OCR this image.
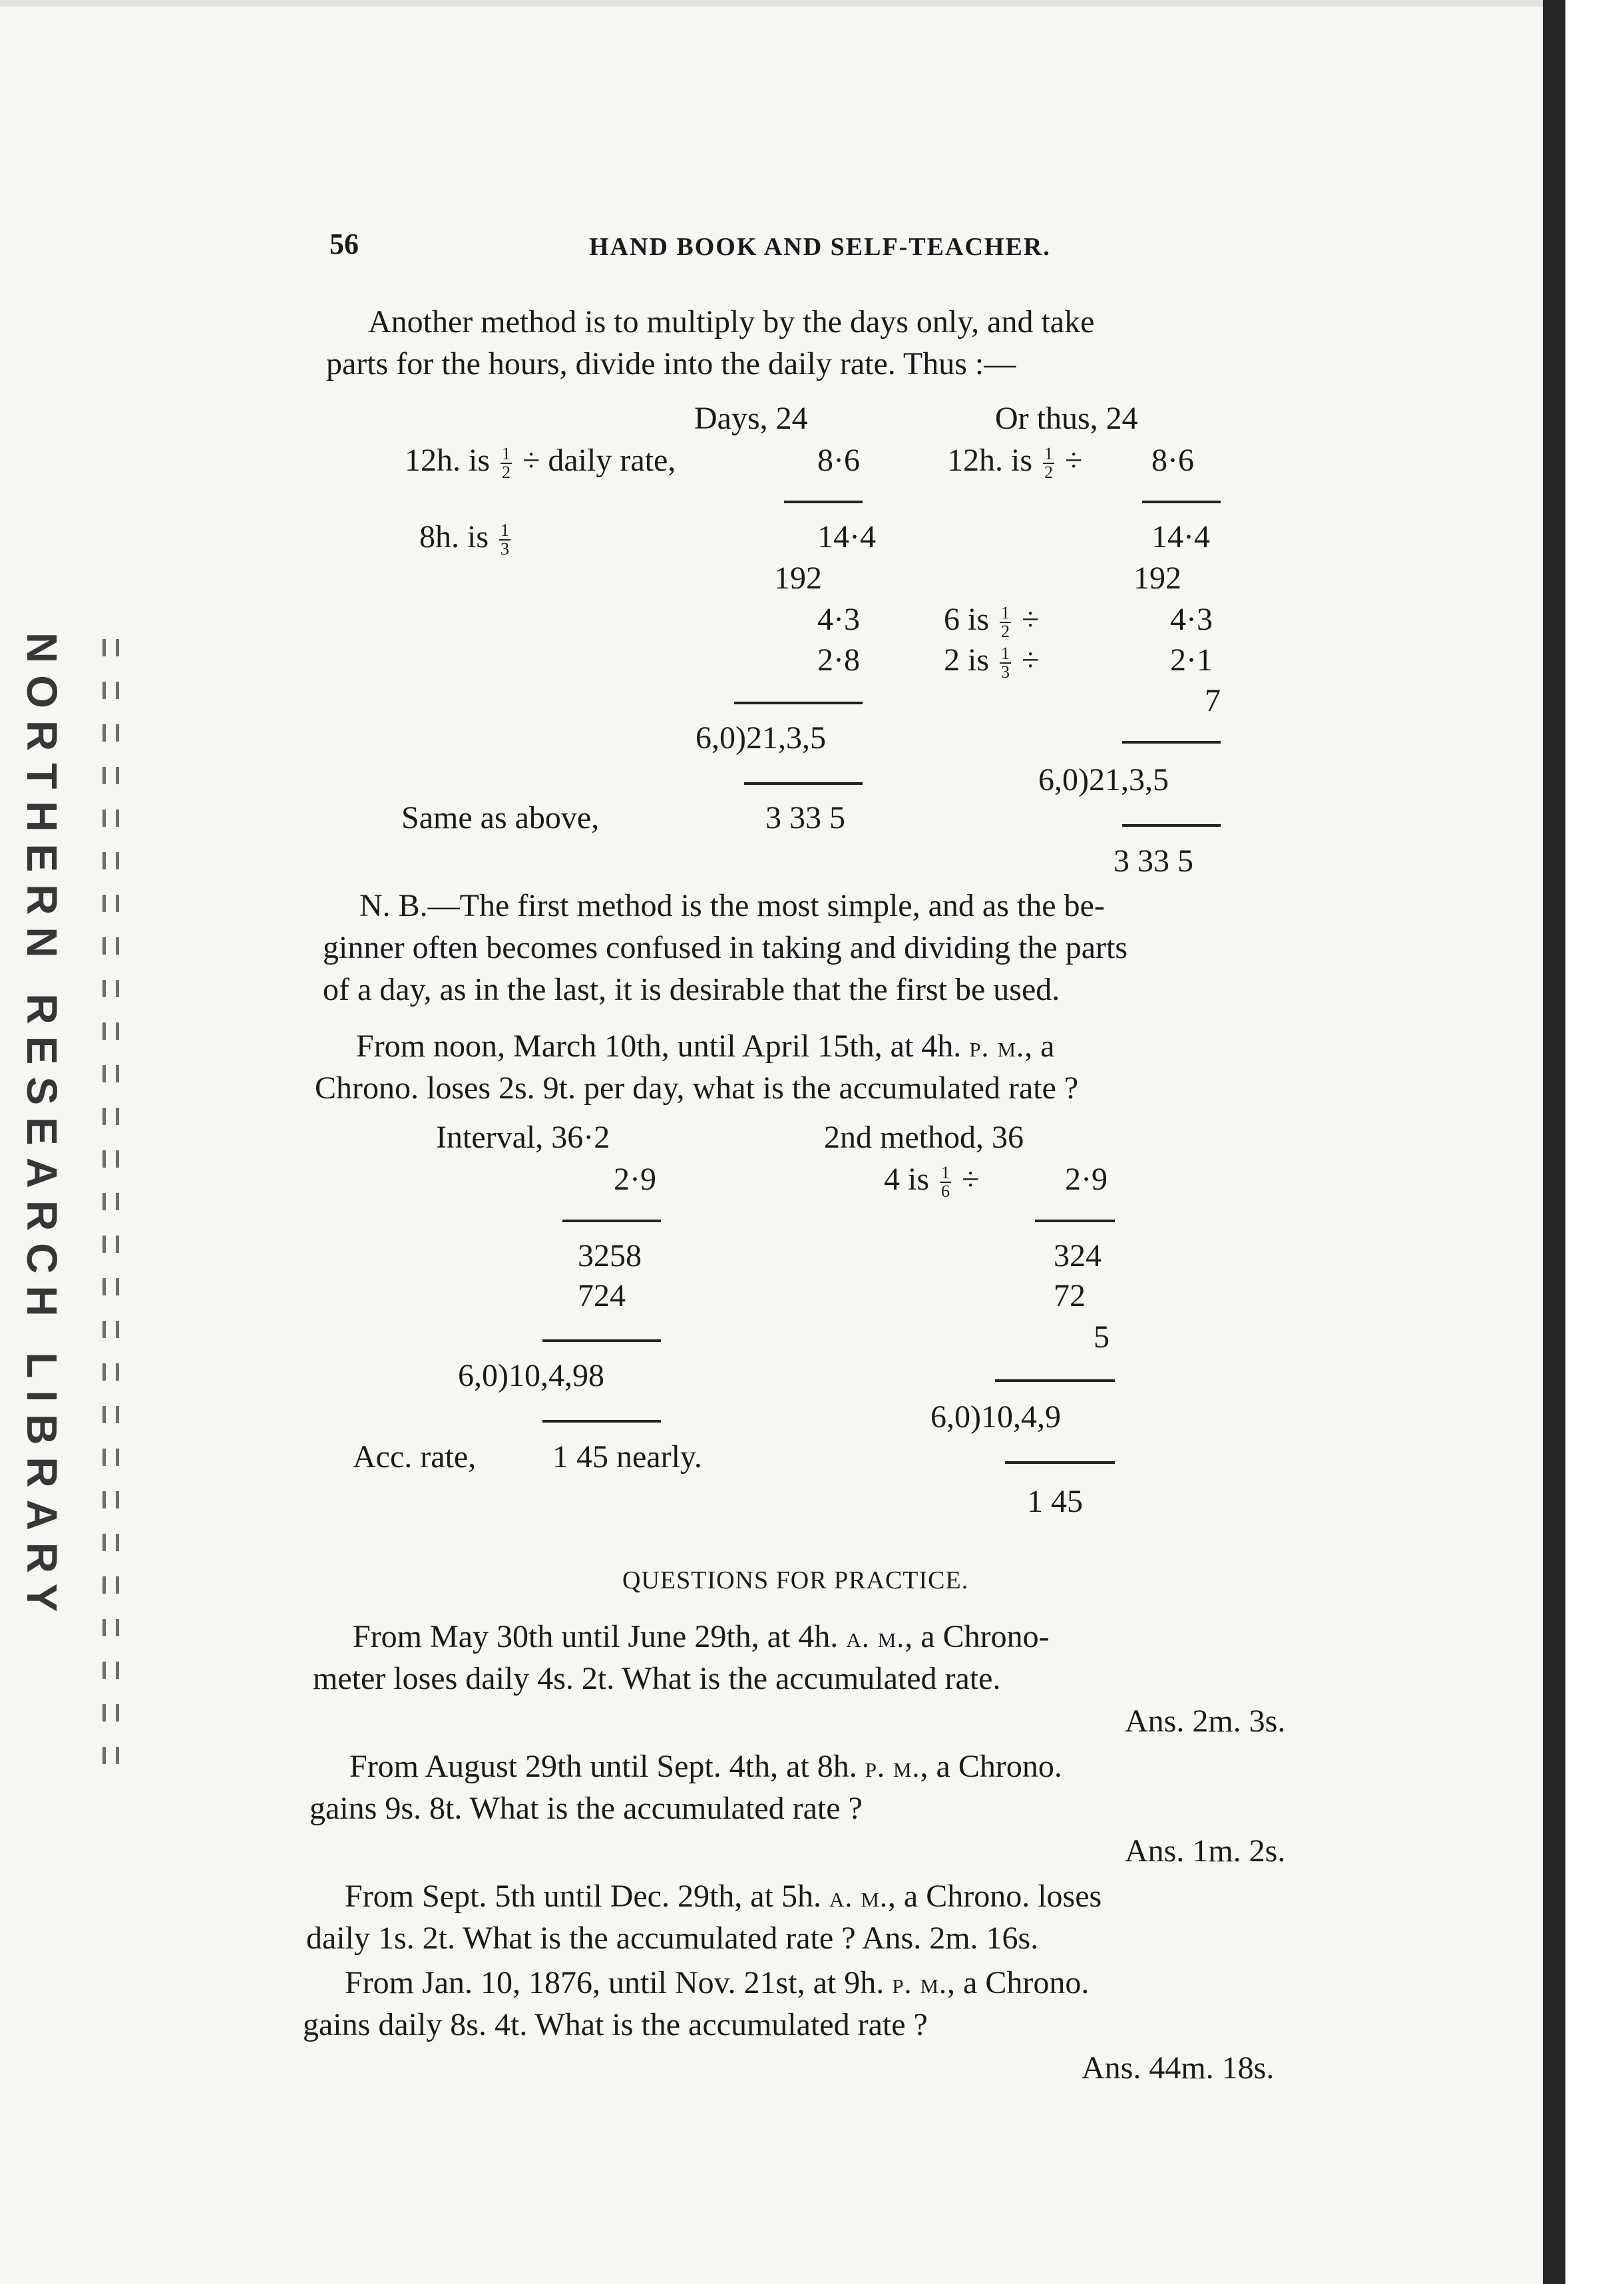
NORTHERN RESEARCH LIBRARY
56	HAND BOOK AND SELF-TEACHER.
Another method is to multiply by the days only, and take
parts for the hours, divide into the daily rate. Thus :—
Days, 24
12h. is $\frac{1}{2}$ ÷ daily rate,	8·6
8h. is $\frac{1}{3}$	14·4
192
4·3
2·8
6,0)21,3,5
Same as above,	3 33 5
Or thus, 24
12h. is $\frac{1}{2} \div 8\cdot 6$
14·4
192
6 is $\frac{1}{2}$ ÷	4·3
2 is $\frac{1}{3}$ ÷	2·1
7
6,0)21,3,5
3 33 5
N. B.—The first method is the most simple, and as the be-
ginner often becomes confused in taking and dividing the parts
of a day, as in the last, it is desirable that the first be used.
From noon, March 10th, until April 15th, at 4h. p. m., a
Chrono. loses 2s. 9t. per day, what is the accumulated rate ?
Interval, 36·2
2·9
3258
724
6,0)10,4,98
Acc. rate, 1 45 nearly.
2nd method, 36
4 is $\frac{1}{6}$ ÷	2·9
324
72
5
6,0)10,4,9
1 45
QUESTIONS FOR PRACTICE.
From May 30th until June 29th, at 4h. a. m., a Chrono-
meter loses daily 4s. 2t. What is the accumulated rate.
Ans. 2m. 3s.
From August 29th until Sept. 4th, at 8h. p. m., a Chrono.
gains 9s. 8t. What is the accumulated rate ?
Ans. 1m. 2s.
From Sept. 5th until Dec. 29th, at 5h. a. m., a Chrono. loses
daily 1s. 2t. What is the accumulated rate ? Ans. 2m. 16s.
From Jan. 10, 1876, until Nov. 21st, at 9h. p. m., a Chrono.
gains daily 8s. 4t. What is the accumulated rate ?
Ans. 44m. 18s.
